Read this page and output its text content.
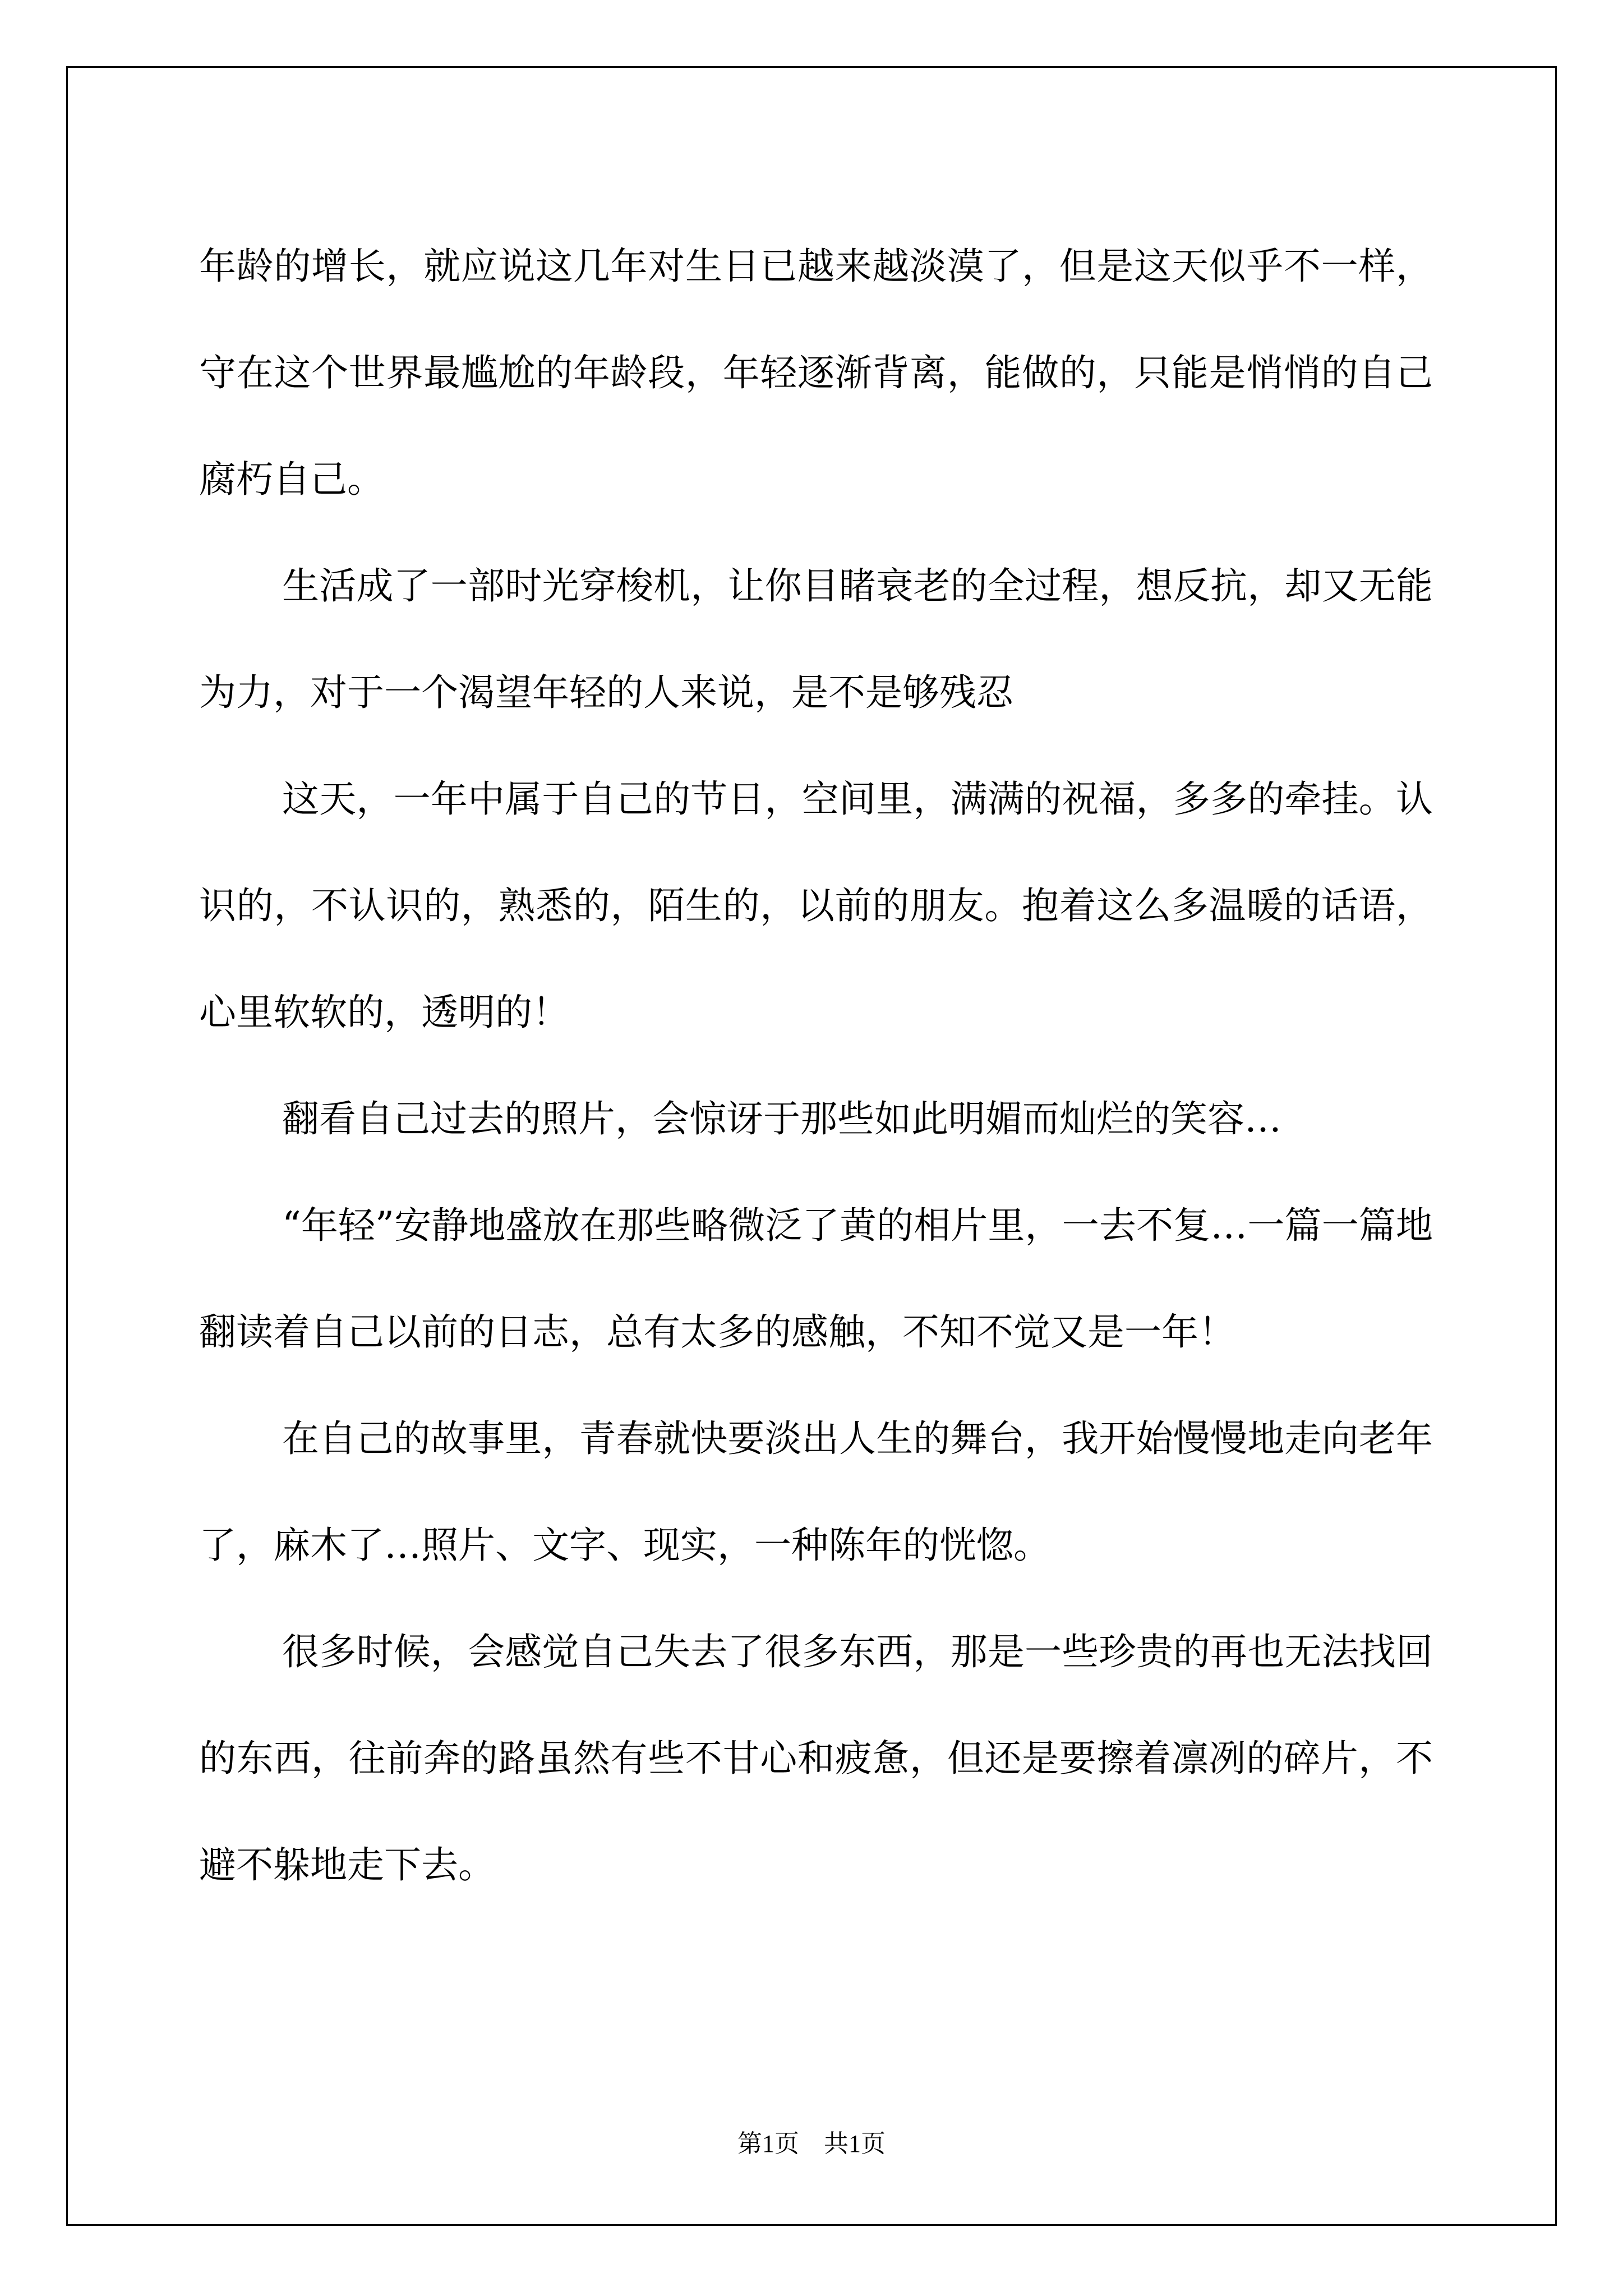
年龄的增长，就应说这几年对生日已越来越淡漠了，但是这天似乎不一样，守在这个世界最尴尬的年龄段，年轻逐渐背离，能做的，只能是悄悄的自己腐朽自己。

生活成了一部时光穿梭机，让你目睹衰老的全过程，想反抗，却又无能为力，对于一个渴望年轻的人来说，是不是够残忍

这天，一年中属于自己的节日，空间里，满满的祝福，多多的牵挂。认识的，不认识的，熟悉的，陌生的，以前的朋友。抱着这么多温暖的话语，心里软软的，透明的！

翻看自己过去的照片，会惊讶于那些如此明媚而灿烂的笑容…

“年轻”安静地盛放在那些略微泛了黄的相片里，一去不复…一篇一篇地翻读着自己以前的日志，总有太多的感触，不知不觉又是一年！

在自己的故事里，青春就快要淡出人生的舞台，我开始慢慢地走向老年了，麻木了…照片、文字、现实，一种陈年的恍惚。

很多时候，会感觉自己失去了很多东西，那是一些珍贵的再也无法找回的东西，往前奔的路虽然有些不甘心和疲惫，但还是要擦着凛冽的碎片，不避不躲地走下去。

第1页 共1页
